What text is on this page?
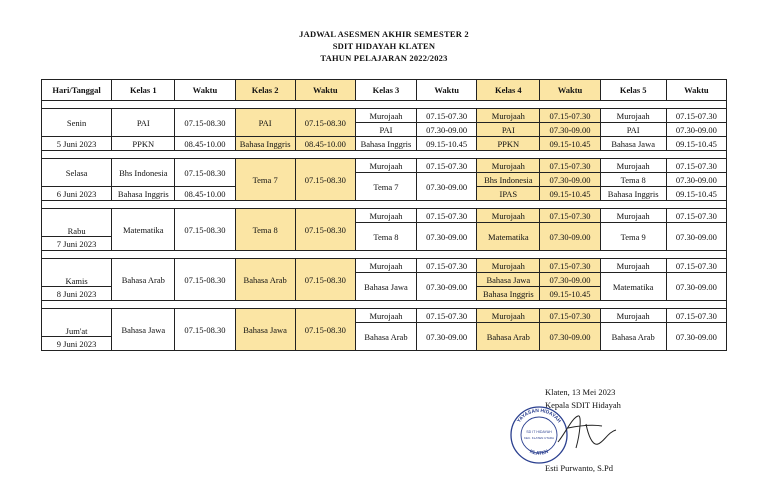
JADWAL ASESMEN AKHIR SEMESTER 2
SDIT HIDAYAH KLATEN
TAHUN PELAJARAN 2022/2023
Hari/Tanggal	Kelas 1	Waktu	Kelas 2	Waktu	Kelas 3	Waktu	Kelas 4	Waktu	Kelas 5	Waktu

Senin	PAI	07.15-08.30	PAI	07.15-08.30	Murojaah	07.15-07.30	Murojaah	07.15-07.30	Murojaah	07.15-07.30
					PAI	07.30-09.00	PAI	07.30-09.00	PAI	07.30-09.00
5 Juni 2023	PPKN	08.45-10.00	Bahasa Inggris	08.45-10.00	Bahasa Inggris	09.15-10.45	PPKN	09.15-10.45	Bahasa Jawa	09.15-10.45

Selasa	Bhs Indonesia	07.15-08.30	Tema 7	07.15-08.30	Murojaah	07.15-07.30	Murojaah	07.15-07.30	Murojaah	07.15-07.30
					Tema 7	07.30-09.00	Bhs Indonesia	07.30-09.00	Tema 8	07.30-09.00
6 Juni 2023	Bahasa Inggris	08.45-10.00					IPAS	09.15-10.45	Bahasa Inggris	09.15-10.45

Rabu	Matematika	07.15-08.30	Tema 8	07.15-08.30	Murojaah	07.15-07.30	Murojaah	07.15-07.30	Murojaah	07.15-07.30
					Tema 8	07.30-09.00	Matematika	07.30-09.00	Tema 9	07.30-09.00
7 Juni 2023										

Kamis	Bahasa Arab	07.15-08.30	Bahasa Arab	07.15-08.30	Murojaah	07.15-07.30	Murojaah	07.15-07.30	Murojaah	07.15-07.30
					Bahasa Jawa	07.30-09.00	Bahasa Jawa	07.30-09.00	Matematika	07.30-09.00
8 Juni 2023							Bahasa Inggris	09.15-10.45		

Jum'at	Bahasa Jawa	07.15-08.30	Bahasa Jawa	07.15-08.30	Murojaah	07.15-07.30	Murojaah	07.15-07.30	Murojaah	07.15-07.30
					Bahasa Arab	07.30-09.00	Bahasa Arab	07.30-09.00	Bahasa Arab	07.30-09.00
9 Juni 2023										
Klaten, 13 Mei 2023
Kepala SDIT Hidayah
YAYASAN HIDAYAH
KLATEN
SD IT HIDAYAH
KEC. KLATEN UTARA
Esti Purwanto, S.Pd
